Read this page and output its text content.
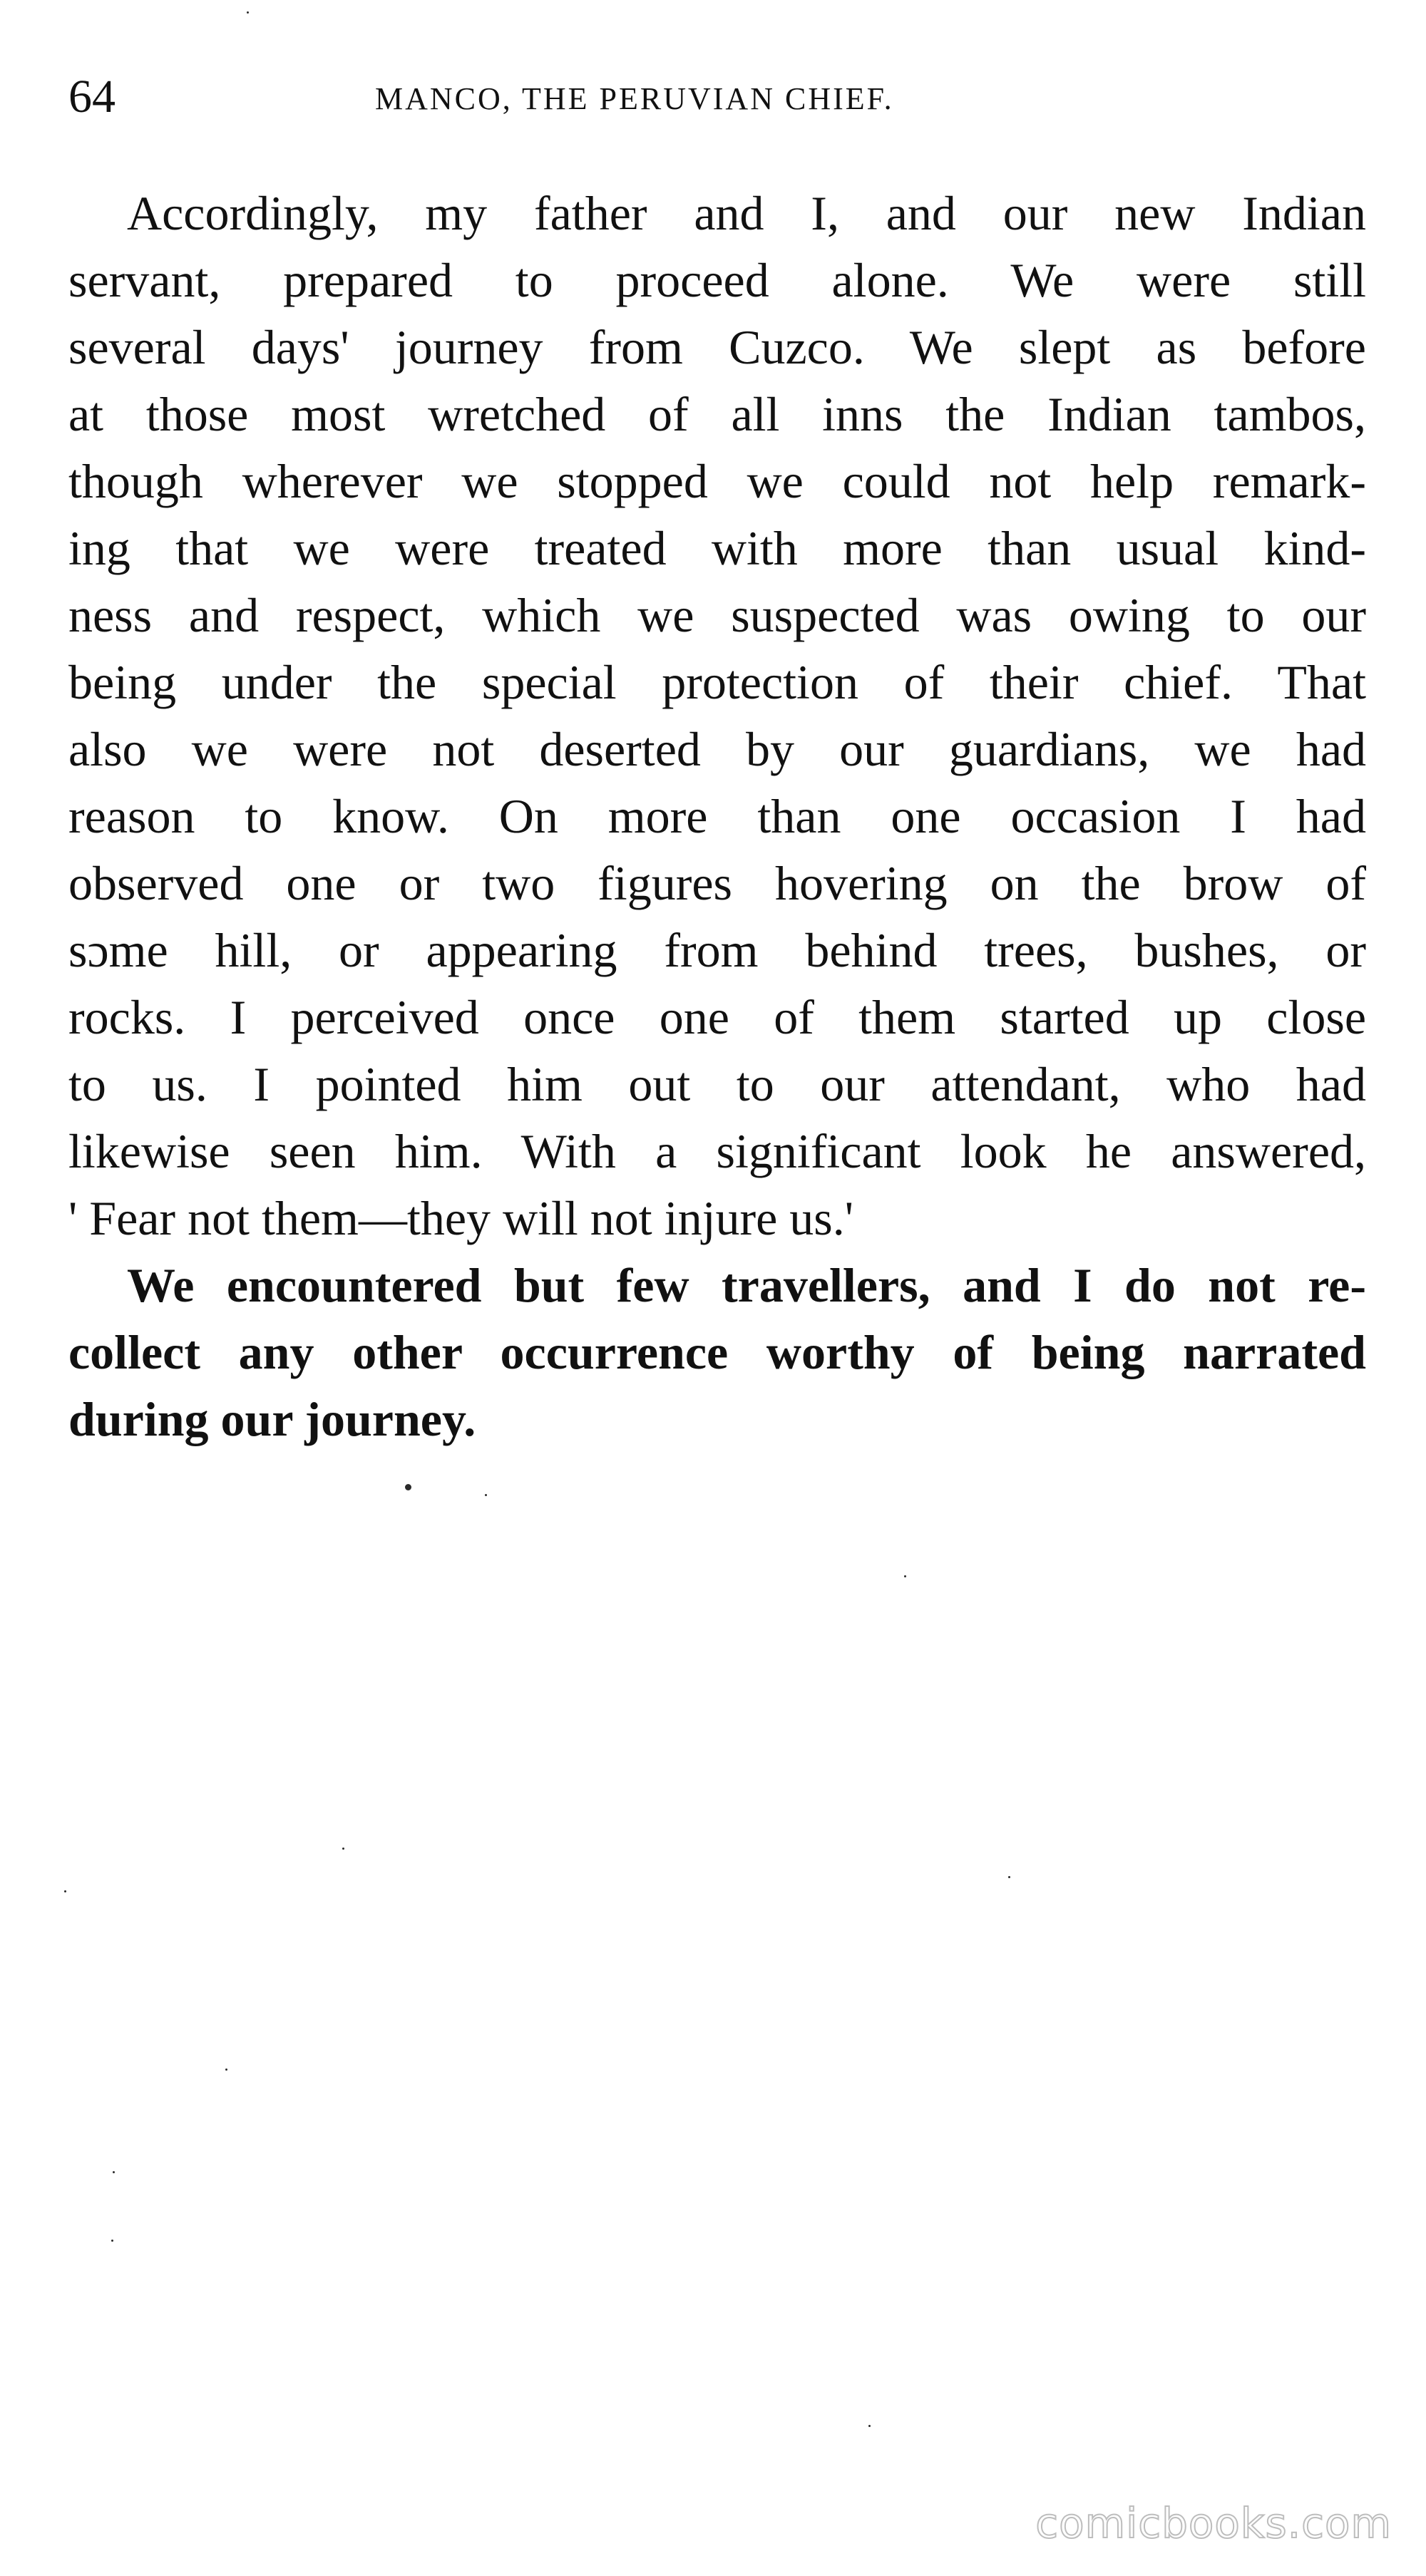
64	MANCO, THE PERUVIAN CHIEF.
Accordingly, my father and I, and our new Indian
servant, prepared to proceed alone. We were still
several days' journey from Cuzco. We slept as before
at those most wretched of all inns the Indian tambos,
though wherever we stopped we could not help remark-
ing that we were treated with more than usual kind-
ness and respect, which we suspected was owing to our
being under the special protection of their chief. That
also we were not deserted by our guardians, we had
reason to know. On more than one occasion I had
observed one or two figures hovering on the brow of
sɔme hill, or appearing from behind trees, bushes, or
rocks. I perceived once one of them started up close
to us. I pointed him out to our attendant, who had
likewise seen him. With a significant look he answered,
' Fear not them—they will not injure us.'
We encountered but few travellers, and I do not re-
collect any other occurrence worthy of being narrated
during our journey.
comicbooks.com
